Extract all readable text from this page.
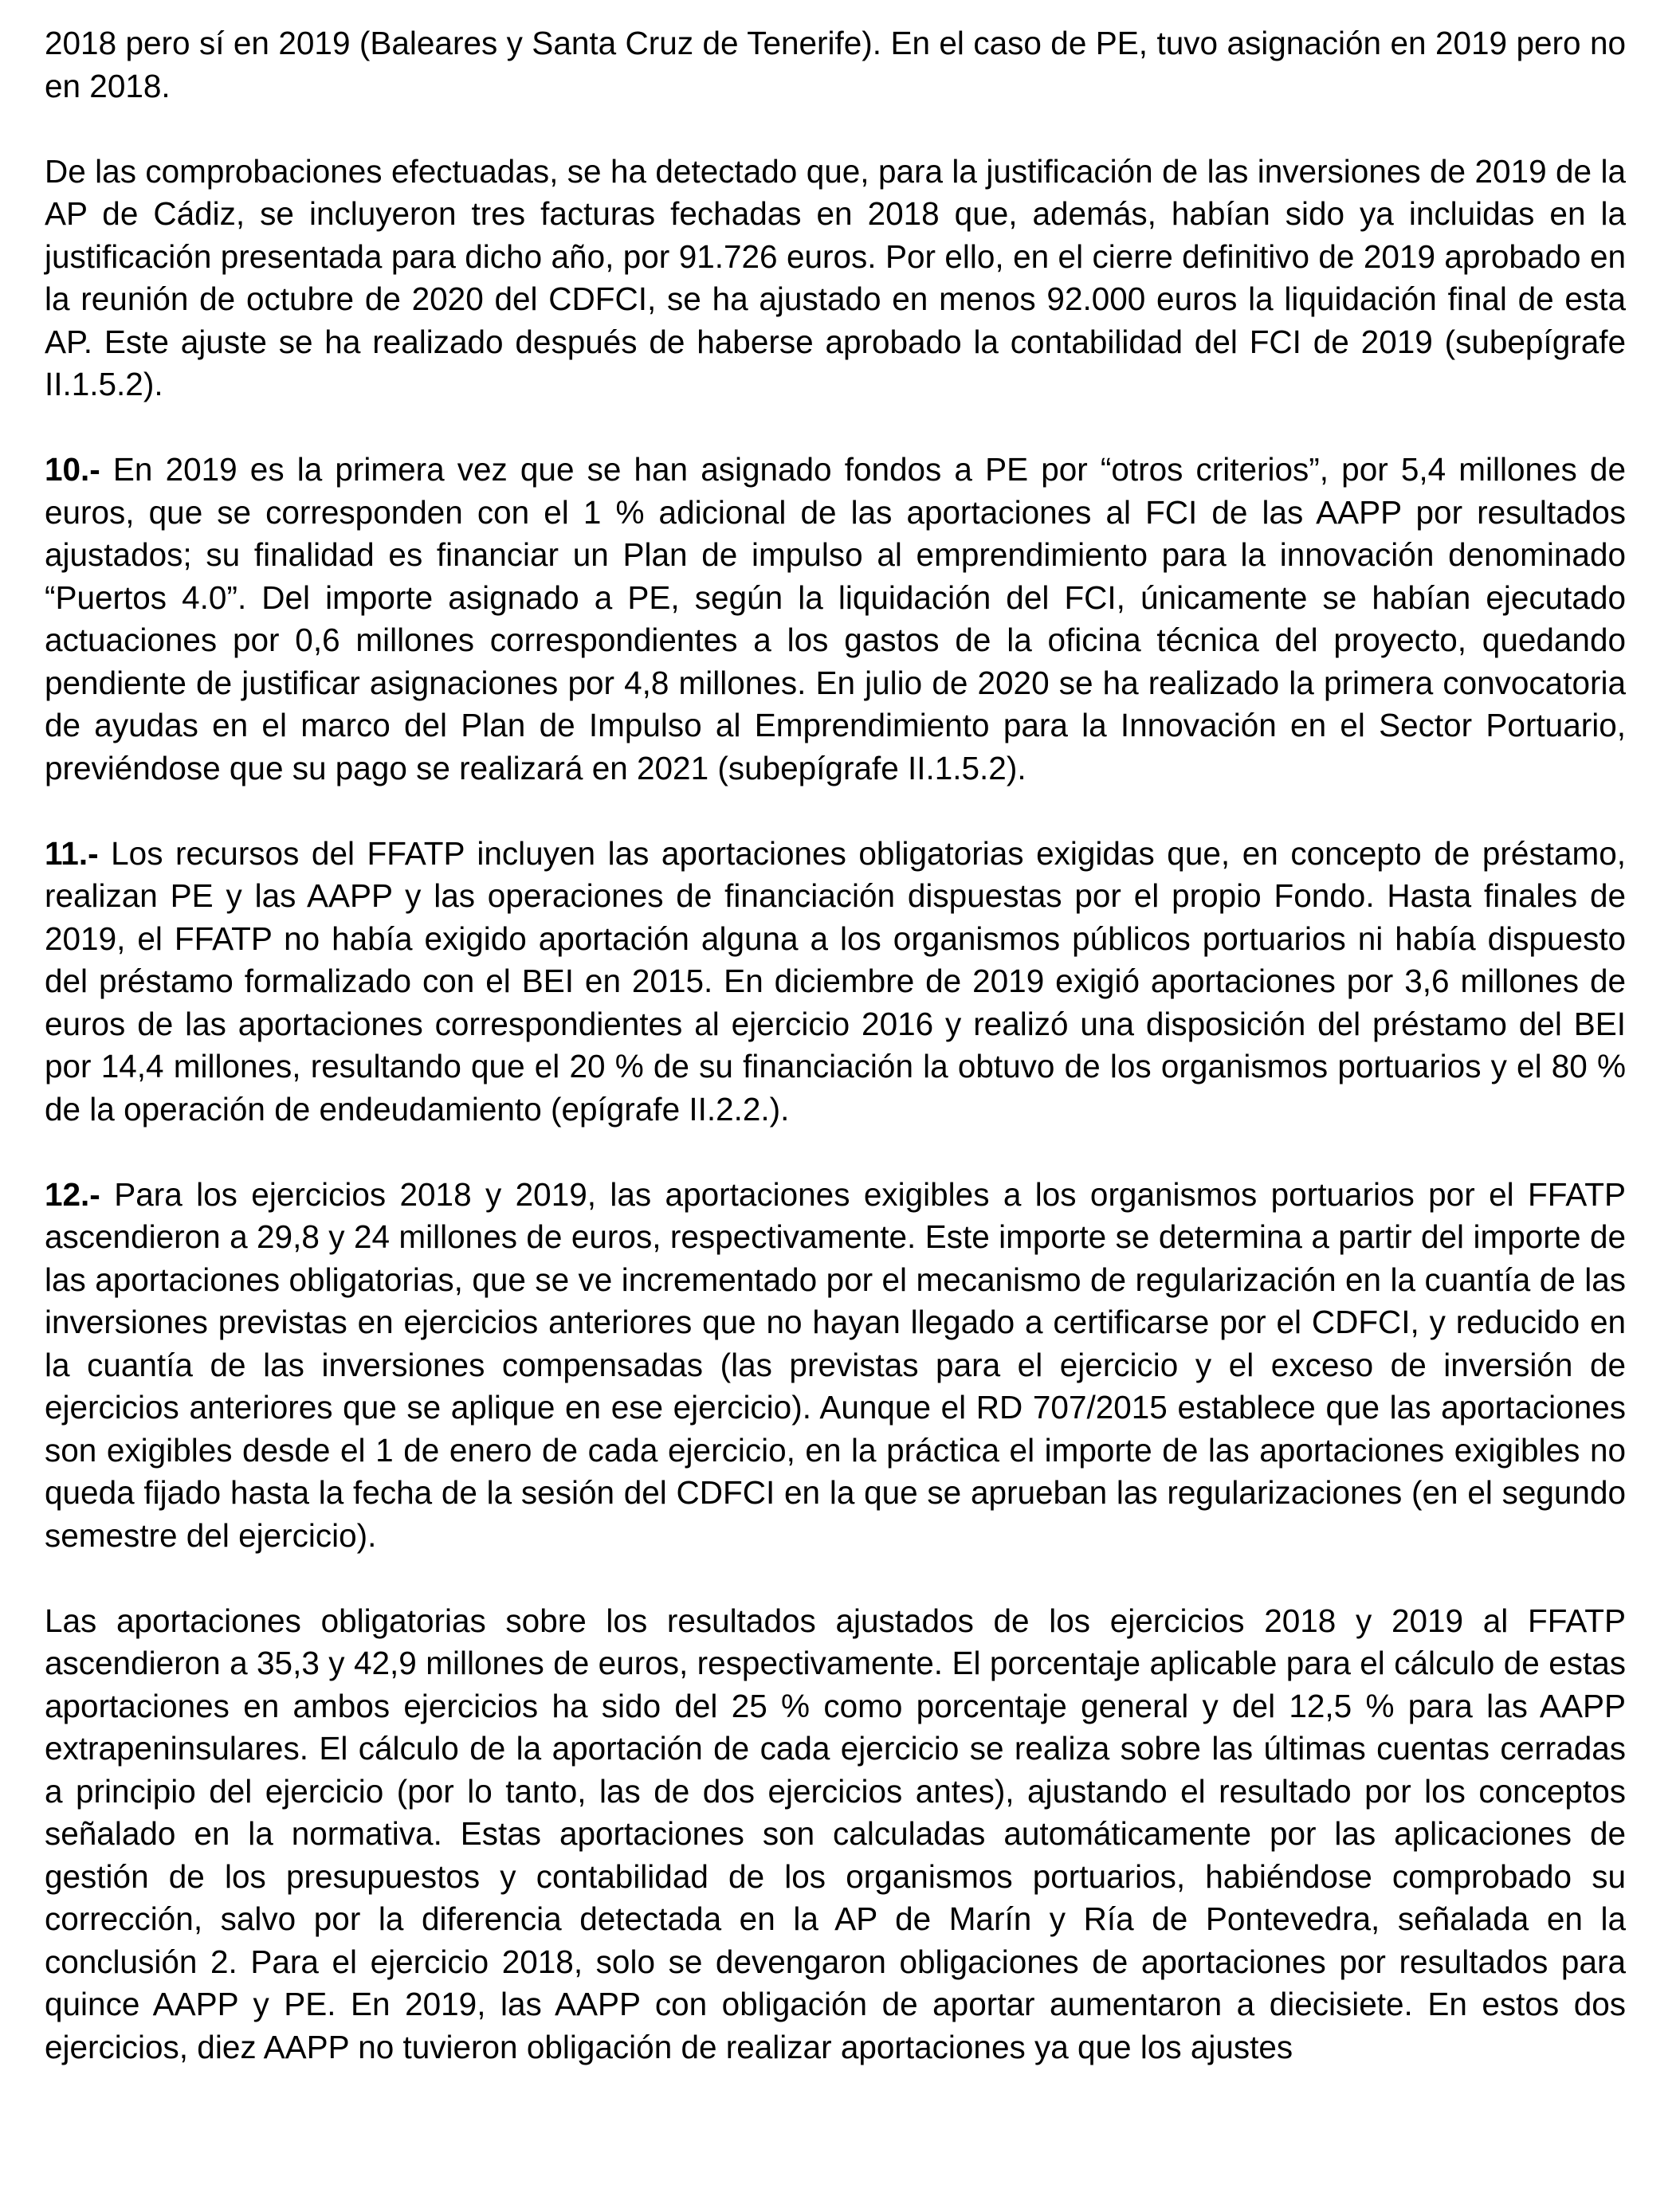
2018 pero sí en 2019 (Baleares y Santa Cruz de Tenerife). En el caso de PE, tuvo asignación en 2019 pero no en 2018.

De las comprobaciones efectuadas, se ha detectado que, para la justificación de las inversiones de 2019 de la AP de Cádiz, se incluyeron tres facturas fechadas en 2018 que, además, habían sido ya incluidas en la justificación presentada para dicho año, por 91.726 euros. Por ello, en el cierre definitivo de 2019 aprobado en la reunión de octubre de 2020 del CDFCI, se ha ajustado en menos 92.000 euros la liquidación final de esta AP. Este ajuste se ha realizado después de haberse aprobado la contabilidad del FCI de 2019 (subepígrafe II.1.5.2).

10.- En 2019 es la primera vez que se han asignado fondos a PE por “otros criterios”, por 5,4 millones de euros, que se corresponden con el 1 % adicional de las aportaciones al FCI de las AAPP por resultados ajustados; su finalidad es financiar un Plan de impulso al emprendimiento para la innovación denominado “Puertos 4.0”. Del importe asignado a PE, según la liquidación del FCI, únicamente se habían ejecutado actuaciones por 0,6 millones correspondientes a los gastos de la oficina técnica del proyecto, quedando pendiente de justificar asignaciones por 4,8 millones. En julio de 2020 se ha realizado la primera convocatoria de ayudas en el marco del Plan de Impulso al Emprendimiento para la Innovación en el Sector Portuario, previéndose que su pago se realizará en 2021 (subepígrafe II.1.5.2).

11.- Los recursos del FFATP incluyen las aportaciones obligatorias exigidas que, en concepto de préstamo, realizan PE y las AAPP y las operaciones de financiación dispuestas por el propio Fondo. Hasta finales de 2019, el FFATP no había exigido aportación alguna a los organismos públicos portuarios ni había dispuesto del préstamo formalizado con el BEI en 2015. En diciembre de 2019 exigió aportaciones por 3,6 millones de euros de las aportaciones correspondientes al ejercicio 2016 y realizó una disposición del préstamo del BEI por 14,4 millones, resultando que el 20 % de su financiación la obtuvo de los organismos portuarios y el 80 % de la operación de endeudamiento (epígrafe II.2.2.).

12.- Para los ejercicios 2018 y 2019, las aportaciones exigibles a los organismos portuarios por el FFATP ascendieron a 29,8 y 24 millones de euros, respectivamente. Este importe se determina a partir del importe de las aportaciones obligatorias, que se ve incrementado por el mecanismo de regularización en la cuantía de las inversiones previstas en ejercicios anteriores que no hayan llegado a certificarse por el CDFCI, y reducido en la cuantía de las inversiones compensadas (las previstas para el ejercicio y el exceso de inversión de ejercicios anteriores que se aplique en ese ejercicio). Aunque el RD 707/2015 establece que las aportaciones son exigibles desde el 1 de enero de cada ejercicio, en la práctica el importe de las aportaciones exigibles no queda fijado hasta la fecha de la sesión del CDFCI en la que se aprueban las regularizaciones (en el segundo semestre del ejercicio).

Las aportaciones obligatorias sobre los resultados ajustados de los ejercicios 2018 y 2019 al FFATP ascendieron a 35,3 y 42,9 millones de euros, respectivamente. El porcentaje aplicable para el cálculo de estas aportaciones en ambos ejercicios ha sido del 25 % como porcentaje general y del 12,5 % para las AAPP extrapeninsulares. El cálculo de la aportación de cada ejercicio se realiza sobre las últimas cuentas cerradas a principio del ejercicio (por lo tanto, las de dos ejercicios antes), ajustando el resultado por los conceptos señalado en la normativa. Estas aportaciones son calculadas automáticamente por las aplicaciones de gestión de los presupuestos y contabilidad de los organismos portuarios, habiéndose comprobado su corrección, salvo por la diferencia detectada en la AP de Marín y Ría de Pontevedra, señalada en la conclusión 2. Para el ejercicio 2018, solo se devengaron obligaciones de aportaciones por resultados para quince AAPP y PE. En 2019, las AAPP con obligación de aportar aumentaron a diecisiete. En estos dos ejercicios, diez AAPP no tuvieron obligación de realizar aportaciones ya que los ajustes
